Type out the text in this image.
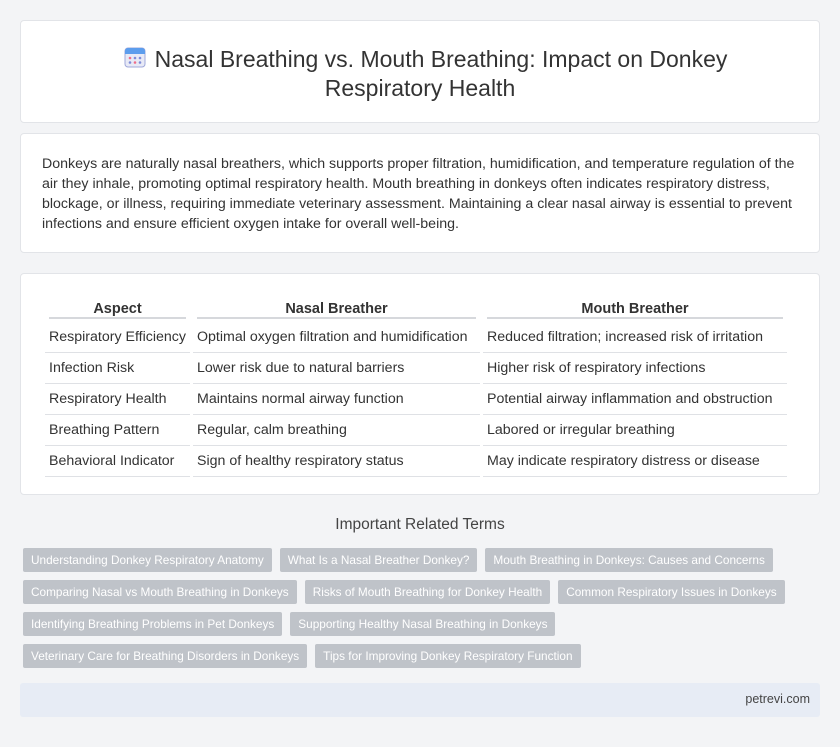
Nasal Breathing vs. Mouth Breathing: Impact on Donkey
Respiratory Health

Donkeys are naturally nasal breathers, which supports proper filtration, humidification, and temperature regulation of the air they inhale, promoting optimal respiratory health. Mouth breathing in donkeys often indicates respiratory distress, blockage, or illness, requiring immediate veterinary assessment. Maintaining a clear nasal airway is essential to prevent infections and ensure efficient oxygen intake for overall well-being.

Aspect	Nasal Breather	Mouth Breather

Respiratory Efficiency	Optimal oxygen filtration and humidification	Reduced filtration; increased risk of irritation
Infection Risk	Lower risk due to natural barriers	Higher risk of respiratory infections
Respiratory Health	Maintains normal airway function	Potential airway inflammation and obstruction
Breathing Pattern	Regular, calm breathing	Labored or irregular breathing
Behavioral Indicator	Sign of healthy respiratory status	May indicate respiratory distress or disease
Important Related Terms
Understanding Donkey Respiratory Anatomy	What Is a Nasal Breather Donkey?	Mouth Breathing in Donkeys: Causes and Concerns
Comparing Nasal vs Mouth Breathing in Donkeys	Risks of Mouth Breathing for Donkey Health	Common Respiratory Issues in Donkeys
Identifying Breathing Problems in Pet Donkeys	Supporting Healthy Nasal Breathing in Donkeys
Veterinary Care for Breathing Disorders in Donkeys	Tips for Improving Donkey Respiratory Function
petrevi.com
